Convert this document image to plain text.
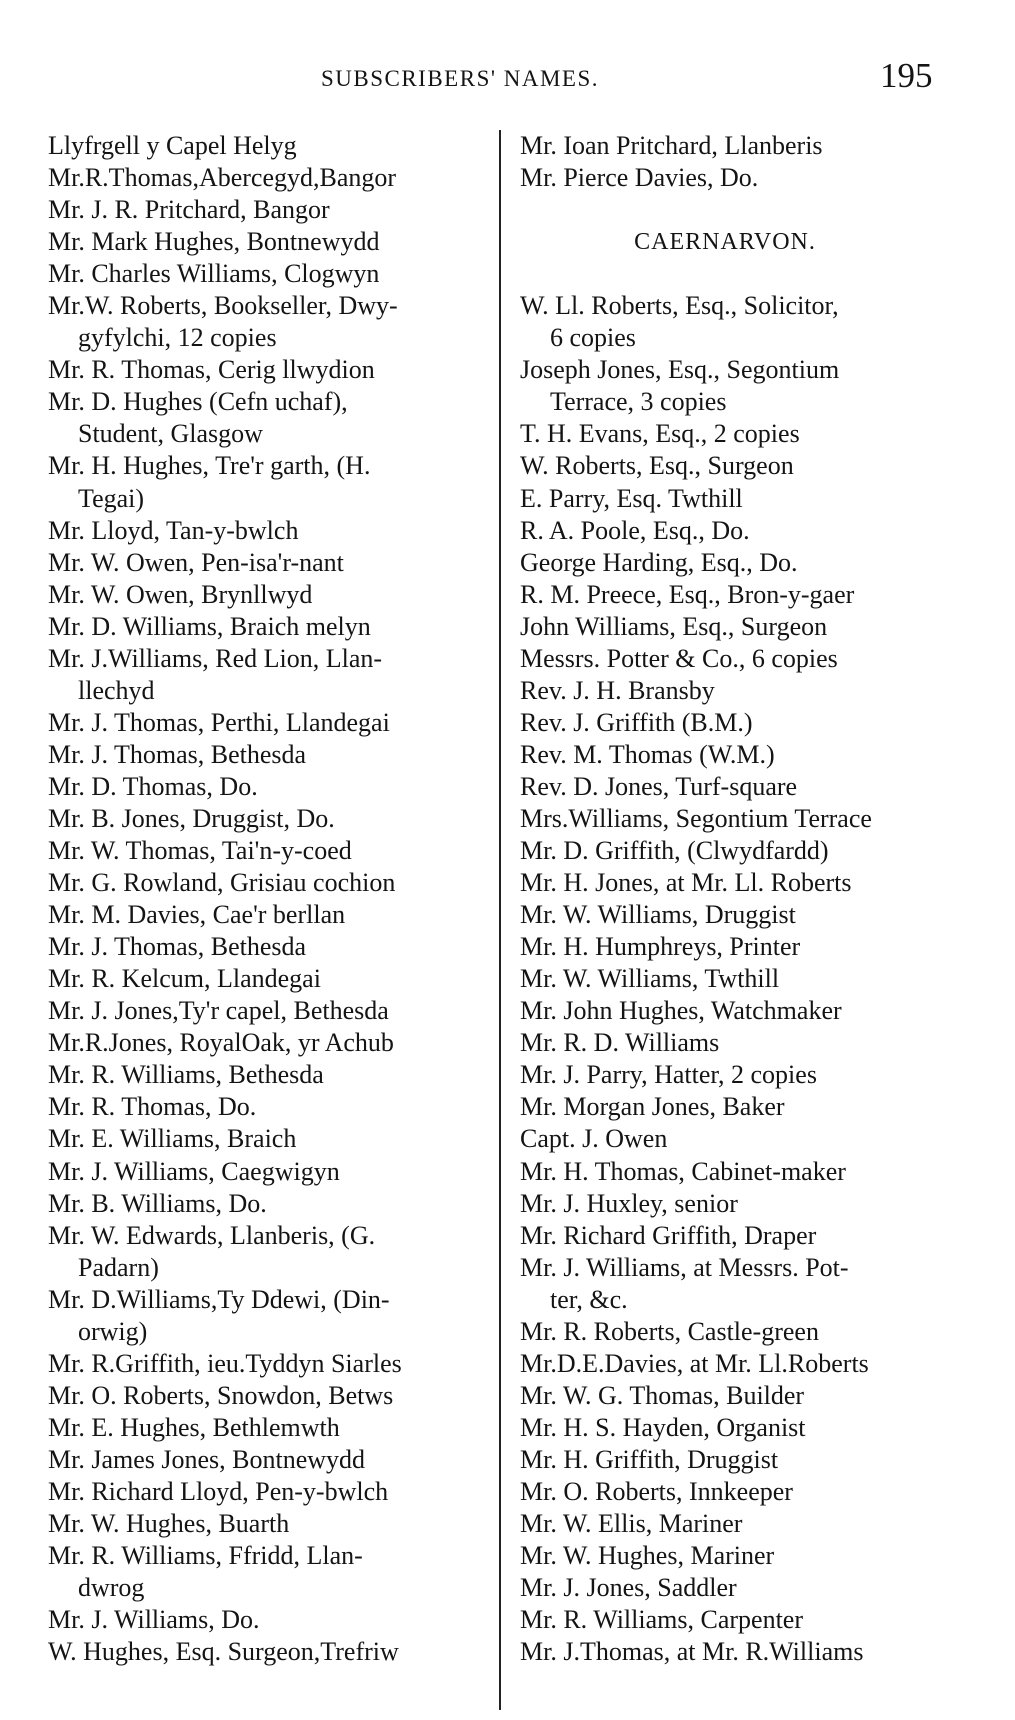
SUBSCRIBERS' NAMES.	195
Llyfrgell y Capel Helyg
Mr.R.Thomas,Abercegyd,Bangor
Mr. J. R. Pritchard, Bangor
Mr. Mark Hughes, Bontnewydd
Mr. Charles Williams, Clogwyn
Mr.W. Roberts, Bookseller, Dwy-
gyfylchi, 12 copies
Mr. R. Thomas, Cerig llwydion
Mr. D. Hughes (Cefn uchaf),
Student, Glasgow
Mr. H. Hughes, Tre'r garth, (H.
Tegai)
Mr. Lloyd, Tan-y-bwlch
Mr. W. Owen, Pen-isa'r-nant
Mr. W. Owen, Brynllwyd
Mr. D. Williams, Braich melyn
Mr. J.Williams, Red Lion, Llan-
llechyd
Mr. J. Thomas, Perthi, Llandegai
Mr. J. Thomas, Bethesda
Mr. D. Thomas, Do.
Mr. B. Jones, Druggist, Do.
Mr. W. Thomas, Tai'n-y-coed
Mr. G. Rowland, Grisiau cochion
Mr. M. Davies, Cae'r berllan
Mr. J. Thomas, Bethesda
Mr. R. Kelcum, Llandegai
Mr. J. Jones,Ty'r capel, Bethesda
Mr.R.Jones, RoyalOak, yr Achub
Mr. R. Williams, Bethesda
Mr. R. Thomas, Do.
Mr. E. Williams, Braich
Mr. J. Williams, Caegwigyn
Mr. B. Williams, Do.
Mr. W. Edwards, Llanberis, (G.
Padarn)
Mr. D.Williams,Ty Ddewi, (Din-
orwig)
Mr. R.Griffith, ieu.Tyddyn Siarles
Mr. O. Roberts, Snowdon, Betws
Mr. E. Hughes, Bethlemwth
Mr. James Jones, Bontnewydd
Mr. Richard Lloyd, Pen-y-bwlch
Mr. W. Hughes, Buarth
Mr. R. Williams, Ffridd, Llan-
dwrog
Mr. J. Williams, Do.
W. Hughes, Esq. Surgeon,Trefriw
Mr. Ioan Pritchard, Llanberis
Mr. Pierce Davies, Do.
CAERNARVON.
W. Ll. Roberts, Esq., Solicitor,
6 copies
Joseph Jones, Esq., Segontium
Terrace, 3 copies
T. H. Evans, Esq., 2 copies
W. Roberts, Esq., Surgeon
E. Parry, Esq. Twthill
R. A. Poole, Esq., Do.
George Harding, Esq., Do.
R. M. Preece, Esq., Bron-y-gaer
John Williams, Esq., Surgeon
Messrs. Potter & Co., 6 copies
Rev. J. H. Bransby
Rev. J. Griffith (B.M.)
Rev. M. Thomas (W.M.)
Rev. D. Jones, Turf-square
Mrs.Williams, Segontium Terrace
Mr. D. Griffith, (Clwydfardd)
Mr. H. Jones, at Mr. Ll. Roberts
Mr. W. Williams, Druggist
Mr. H. Humphreys, Printer
Mr. W. Williams, Twthill
Mr. John Hughes, Watchmaker
Mr. R. D. Williams
Mr. J. Parry, Hatter, 2 copies
Mr. Morgan Jones, Baker
Capt. J. Owen
Mr. H. Thomas, Cabinet-maker
Mr. J. Huxley, senior
Mr. Richard Griffith, Draper
Mr. J. Williams, at Messrs. Pot-
ter, &c.
Mr. R. Roberts, Castle-green
Mr.D.E.Davies, at Mr. Ll.Roberts
Mr. W. G. Thomas, Builder
Mr. H. S. Hayden, Organist
Mr. H. Griffith, Druggist
Mr. O. Roberts, Innkeeper
Mr. W. Ellis, Mariner
Mr. W. Hughes, Mariner
Mr. J. Jones, Saddler
Mr. R. Williams, Carpenter
Mr. J.Thomas, at Mr. R.Williams
